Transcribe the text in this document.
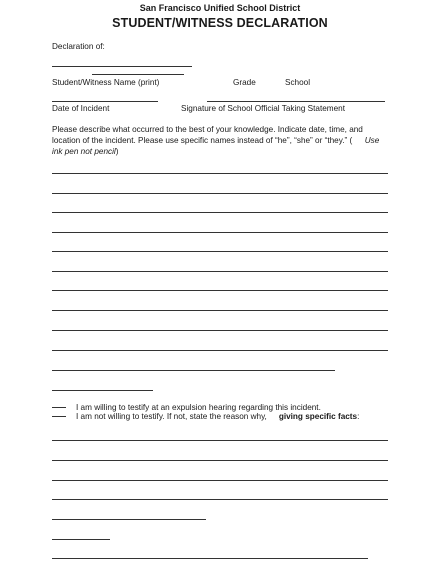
San Francisco Unified School District
STUDENT/WITNESS DECLARATION
Declaration of:
Student/Witness Name (print)	Grade	School
Date of Incident	Signature of School Official Taking Statement
Please describe what occurred to the best of your knowledge. Indicate date, time, and
location of the incident. Please use specific names instead of “he”, “she” or “they.” ( Use
ink pen not pencil)
I am willing to testify at an expulsion hearing regarding this incident.
I am not willing to testify. If not, state the reason why, giving specific facts:
